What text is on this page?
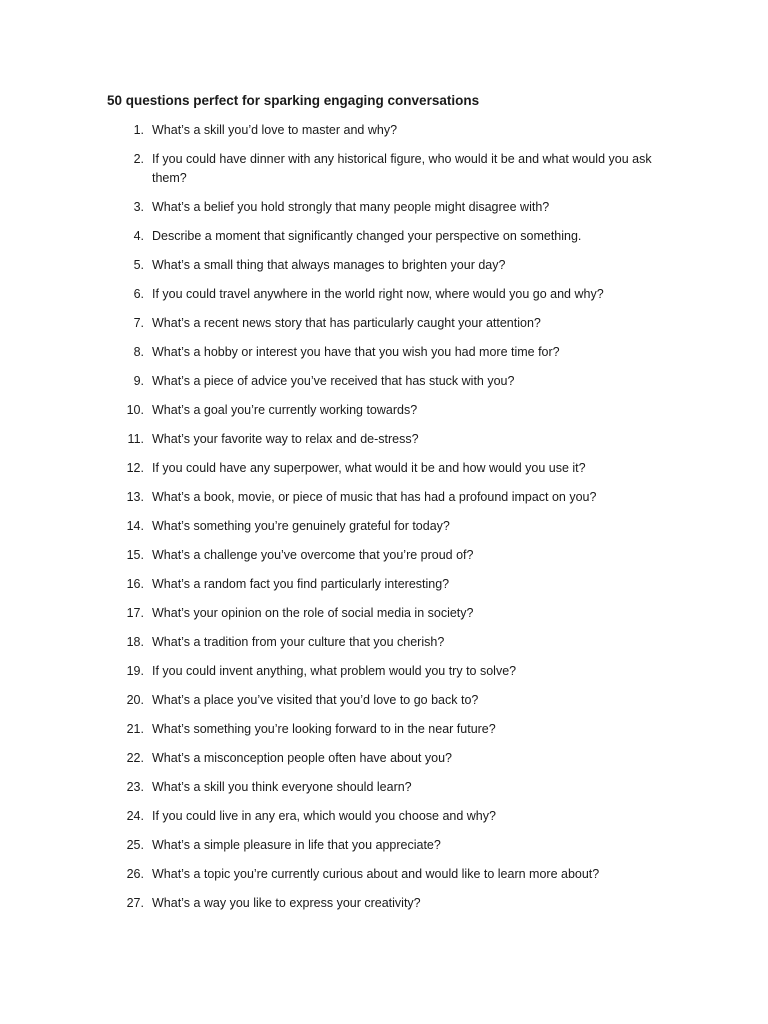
50 questions perfect for sparking engaging conversations
1. What’s a skill you’d love to master and why?
2. If you could have dinner with any historical figure, who would it be and what would you ask them?
3. What’s a belief you hold strongly that many people might disagree with?
4. Describe a moment that significantly changed your perspective on something.
5. What’s a small thing that always manages to brighten your day?
6. If you could travel anywhere in the world right now, where would you go and why?
7. What’s a recent news story that has particularly caught your attention?
8. What’s a hobby or interest you have that you wish you had more time for?
9. What’s a piece of advice you’ve received that has stuck with you?
10. What’s a goal you’re currently working towards?
11. What’s your favorite way to relax and de-stress?
12. If you could have any superpower, what would it be and how would you use it?
13. What’s a book, movie, or piece of music that has had a profound impact on you?
14. What’s something you’re genuinely grateful for today?
15. What’s a challenge you’ve overcome that you’re proud of?
16. What’s a random fact you find particularly interesting?
17. What’s your opinion on the role of social media in society?
18. What’s a tradition from your culture that you cherish?
19. If you could invent anything, what problem would you try to solve?
20. What’s a place you’ve visited that you’d love to go back to?
21. What’s something you’re looking forward to in the near future?
22. What’s a misconception people often have about you?
23. What’s a skill you think everyone should learn?
24. If you could live in any era, which would you choose and why?
25. What’s a simple pleasure in life that you appreciate?
26. What’s a topic you’re currently curious about and would like to learn more about?
27. What’s a way you like to express your creativity?
